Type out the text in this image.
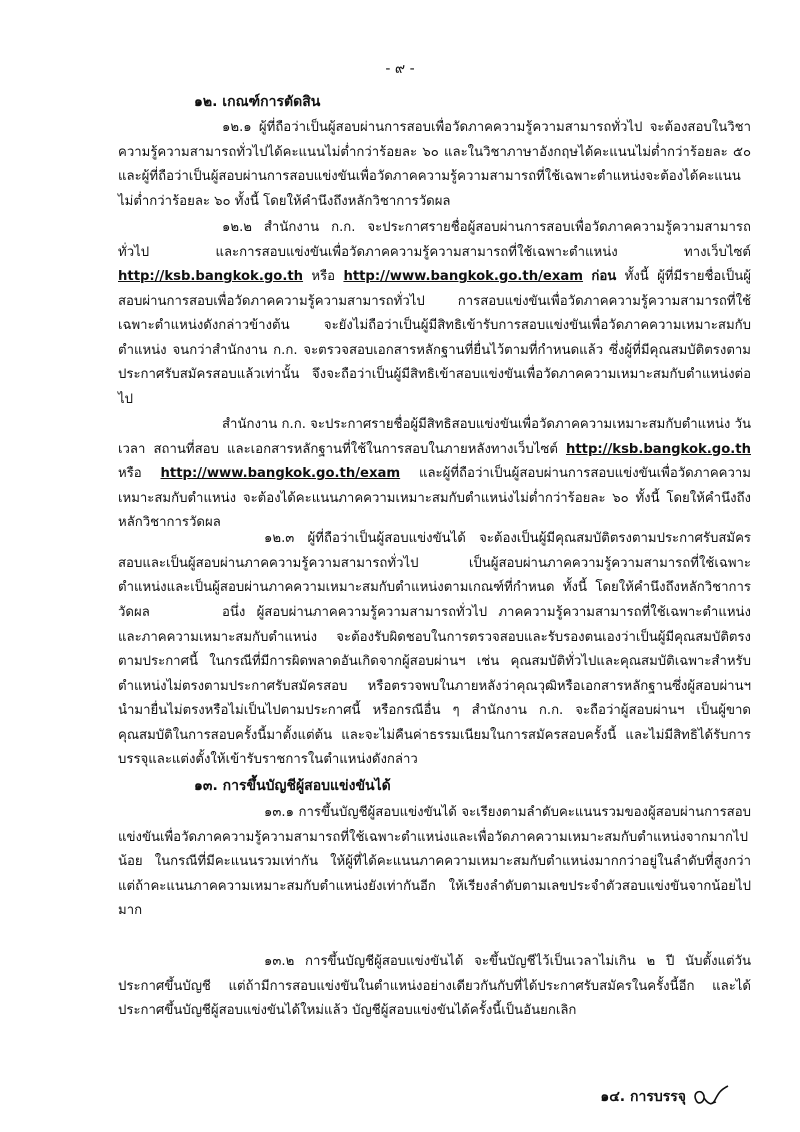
- ๙ -

๑๒. เกณฑ์การตัดสิน

๑๒.๑ ผู้ที่ถือว่าเป็นผู้สอบผ่านการสอบเพื่อวัดภาคความรู้ความสามารถทั่วไป จะต้องสอบในวิชาความรู้ความสามารถทั่วไปได้คะแนนไม่ต่ำกว่าร้อยละ ๖๐ และในวิชาภาษาอังกฤษได้คะแนนไม่ต่ำกว่าร้อยละ ๕๐ และผู้ที่ถือว่าเป็นผู้สอบผ่านการสอบแข่งขันเพื่อวัดภาคความรู้ความสามารถที่ใช้เฉพาะตำแหน่งจะต้องได้คะแนนไม่ต่ำกว่าร้อยละ ๖๐ ทั้งนี้ โดยให้คำนึงถึงหลักวิชาการวัดผล

๑๒.๒ สำนักงาน ก.ก. จะประกาศรายชื่อผู้สอบผ่านการสอบเพื่อวัดภาคความรู้ความสามารถทั่วไป และการสอบแข่งขันเพื่อวัดภาคความรู้ความสามารถที่ใช้เฉพาะตำแหน่ง ทางเว็บไซต์ http://ksb.bangkok.go.th หรือ http://www.bangkok.go.th/exam ก่อน ทั้งนี้ ผู้ที่มีรายชื่อเป็นผู้สอบผ่านการสอบเพื่อวัดภาคความรู้ความสามารถทั่วไป การสอบแข่งขันเพื่อวัดภาคความรู้ความสามารถที่ใช้เฉพาะตำแหน่งดังกล่าวข้างต้น จะยังไม่ถือว่าเป็นผู้มีสิทธิเข้ารับการสอบแข่งขันเพื่อวัดภาคความเหมาะสมกับตำแหน่ง จนกว่าสำนักงาน ก.ก. จะตรวจสอบเอกสารหลักฐานที่ยื่นไว้ตามที่กำหนดแล้ว ซึ่งผู้ที่มีคุณสมบัติตรงตามประกาศรับสมัครสอบแล้วเท่านั้น จึงจะถือว่าเป็นผู้มีสิทธิเข้าสอบแข่งขันเพื่อวัดภาคความเหมาะสมกับตำแหน่งต่อไป

สำนักงาน ก.ก. จะประกาศรายชื่อผู้มีสิทธิสอบแข่งขันเพื่อวัดภาคความเหมาะสมกับตำแหน่ง วัน เวลา สถานที่สอบ และเอกสารหลักฐานที่ใช้ในการสอบในภายหลังทางเว็บไซต์ http://ksb.bangkok.go.th หรือ http://www.bangkok.go.th/exam และผู้ที่ถือว่าเป็นผู้สอบผ่านการสอบแข่งขันเพื่อวัดภาคความเหมาะสมกับตำแหน่ง จะต้องได้คะแนนภาคความเหมาะสมกับตำแหน่งไม่ต่ำกว่าร้อยละ ๖๐ ทั้งนี้ โดยให้คำนึงถึงหลักวิชาการวัดผล

๑๒.๓ ผู้ที่ถือว่าเป็นผู้สอบแข่งขันได้ จะต้องเป็นผู้มีคุณสมบัติตรงตามประกาศรับสมัครสอบและเป็นผู้สอบผ่านภาคความรู้ความสามารถทั่วไป เป็นผู้สอบผ่านภาคความรู้ความสามารถที่ใช้เฉพาะตำแหน่งและเป็นผู้สอบผ่านภาคความเหมาะสมกับตำแหน่งตามเกณฑ์ที่กำหนด ทั้งนี้ โดยให้คำนึงถึงหลักวิชาการวัดผล	อนึ่ง ผู้สอบผ่านภาคความรู้ความสามารถทั่วไป ภาคความรู้ความสามารถที่ใช้เฉพาะตำแหน่งและภาคความเหมาะสมกับตำแหน่ง จะต้องรับผิดชอบในการตรวจสอบและรับรองตนเองว่าเป็นผู้มีคุณสมบัติตรงตามประกาศนี้ ในกรณีที่มีการผิดพลาดอันเกิดจากผู้สอบผ่านฯ เช่น คุณสมบัติทั่วไปและคุณสมบัติเฉพาะสำหรับตำแหน่งไม่ตรงตามประกาศรับสมัครสอบ หรือตรวจพบในภายหลังว่าคุณวุฒิหรือเอกสารหลักฐานซึ่งผู้สอบผ่านฯ นำมายื่นไม่ตรงหรือไม่เป็นไปตามประกาศนี้ หรือกรณีอื่น ๆ สำนักงาน ก.ก. จะถือว่าผู้สอบผ่านฯ เป็นผู้ขาดคุณสมบัติในการสอบครั้งนี้มาตั้งแต่ต้น และจะไม่คืนค่าธรรมเนียมในการสมัครสอบครั้งนี้ และไม่มีสิทธิได้รับการบรรจุและแต่งตั้งให้เข้ารับราชการในตำแหน่งดังกล่าว

๑๓. การขึ้นบัญชีผู้สอบแข่งขันได้

๑๓.๑ การขึ้นบัญชีผู้สอบแข่งขันได้ จะเรียงตามลำดับคะแนนรวมของผู้สอบผ่านการสอบแข่งขันเพื่อวัดภาคความรู้ความสามารถที่ใช้เฉพาะตำแหน่งและเพื่อวัดภาคความเหมาะสมกับตำแหน่งจากมากไปน้อย ในกรณีที่มีคะแนนรวมเท่ากัน ให้ผู้ที่ได้คะแนนภาคความเหมาะสมกับตำแหน่งมากกว่าอยู่ในลำดับที่สูงกว่า แต่ถ้าคะแนนภาคความเหมาะสมกับตำแหน่งยังเท่ากันอีก ให้เรียงลำดับตามเลขประจำตัวสอบแข่งขันจากน้อยไปมาก

๑๓.๒ การขึ้นบัญชีผู้สอบแข่งขันได้ จะขึ้นบัญชีไว้เป็นเวลาไม่เกิน ๒ ปี นับตั้งแต่วันประกาศขึ้นบัญชี แต่ถ้ามีการสอบแข่งขันในตำแหน่งอย่างเดียวกันกับที่ได้ประกาศรับสมัครในครั้งนี้อีก และได้ประกาศขึ้นบัญชีผู้สอบแข่งขันได้ใหม่แล้ว บัญชีผู้สอบแข่งขันได้ครั้งนี้เป็นอันยกเลิก

๑๔. การบรรจุ
